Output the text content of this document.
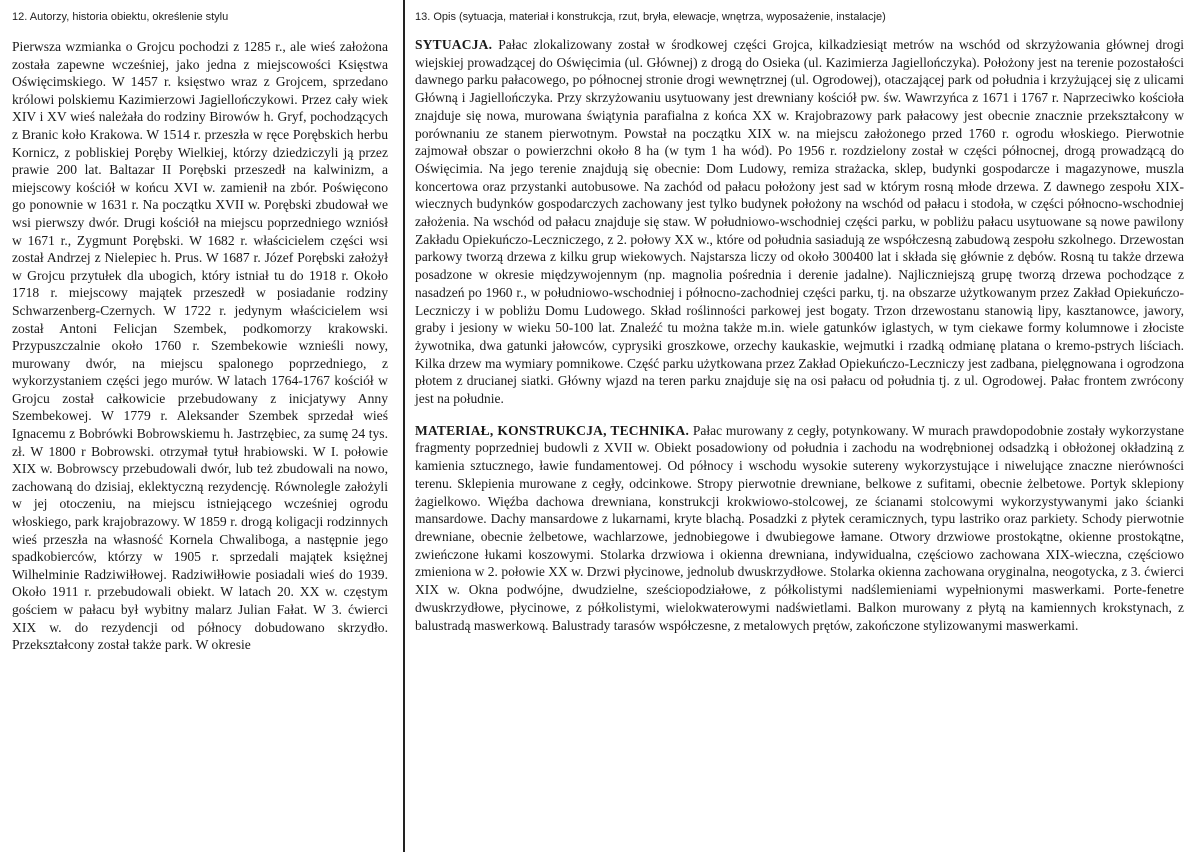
12. Autorzy, historia obiektu, określenie stylu

Pierwsza wzmianka o Grojcu pochodzi z 1285 r., ale wieś założona została zapewne wcześniej, jako jedna z miejscowości Księstwa Oświęcimskiego. W 1457 r. księstwo wraz z Grojcem, sprzedano królowi polskiemu Kazimierzowi Jagiellończykowi. Przez cały wiek XIV i XV wieś należała do rodziny Birowów h. Gryf, pochodzących z Branic koło Krakowa. W 1514 r. przeszła w ręce Porębskich herbu Kornicz, z pobliskiej Poręby Wielkiej, którzy dziedziczyli ją przez prawie 200 lat. Baltazar II Porębski przeszedł na kalwinizm, a miejscowy kościół w końcu XVI w. zamienił na zbór. Poświęcono go ponownie w 1631 r. Na początku XVII w. Porębski zbudował we wsi pierwszy dwór. Drugi kościół na miejscu poprzedniego wzniósł w 1671 r., Zygmunt Porębski. W 1682 r. właścicielem części wsi został Andrzej z Nielepiec h. Prus. W 1687 r. Józef Porębski założył w Grojcu przytułek dla ubogich, który istniał tu do 1918 r. Około 1718 r. miejscowy majątek przeszedł w posiadanie rodziny Schwarzenberg-Czernych. W 1722 r. jedynym właścicielem wsi został Antoni Felicjan Szembek, podkomorzy krakowski. Przypuszczalnie około 1760 r. Szembekowie wznieśli nowy, murowany dwór, na miejscu spalonego poprzedniego, z wykorzystaniem części jego murów. W latach 1764-1767 kościół w Grojcu został całkowicie przebudowany z inicjatywy Anny Szembekowej. W 1779 r. Aleksander Szembek sprzedał wieś Ignacemu z Bobrówki Bobrowskiemu h. Jastrzębiec, za sumę 24 tys. zł. W 1800 r Bobrowski. otrzymał tytuł hrabiowski. W I. połowie XIX w. Bobrowscy przebudowali dwór, lub też zbudowali na nowo, zachowaną do dzisiaj, eklektyczną rezydencję. Równolegle założyli w jej otoczeniu, na miejscu istniejącego wcześniej ogrodu włoskiego, park krajobrazowy. W 1859 r. drogą koligacji rodzinnych wieś przeszła na własność Kornela Chwaliboga, a następnie jego spadkobierców, którzy w 1905 r. sprzedali majątek księżnej Wilhelminie Radziwiłłowej. Radziwiłłowie posiadali wieś do 1939. Około 1911 r. przebudowali obiekt. W latach 20. XX w. częstym gościem w pałacu był wybitny malarz Julian Fałat. W 3. ćwierci XIX w. do rezydencji od północy dobudowano skrzydło. Przekształcony został także park. W okresie

13. Opis (sytuacja, materiał i konstrukcja, rzut, bryła, elewacje, wnętrza, wyposażenie, instalacje)

SYTUACJA. Pałac zlokalizowany został w środkowej części Grojca, kilkadziesiąt metrów na wschód od skrzyżowania głównej drogi wiejskiej prowadzącej do Oświęcimia (ul. Głównej) z drogą do Osieka (ul. Kazimierza Jagiellończyka). Położony jest na terenie pozostałości dawnego parku pałacowego, po północnej stronie drogi wewnętrznej (ul. Ogrodowej), otaczającej park od południa i krzyżującej się z ulicami Główną i Jagiellończyka. Przy skrzyżowaniu usytuowany jest drewniany kościół pw. św. Wawrzyńca z 1671 i 1767 r. Naprzeciwko kościoła znajduje się nowa, murowana świątynia parafialna z końca XX w. Krajobrazowy park pałacowy jest obecnie znacznie przekształcony w porównaniu ze stanem pierwotnym. Powstał na początku XIX w. na miejscu założonego przed 1760 r. ogrodu włoskiego. Pierwotnie zajmował obszar o powierzchni około 8 ha (w tym 1 ha wód). Po 1956 r. rozdzielony został w części północnej, drogą prowadzącą do Oświęcimia. Na jego terenie znajdują się obecnie: Dom Ludowy, remiza strażacka, sklep, budynki gospodarcze i magazynowe, muszla koncertowa oraz przystanki autobusowe. Na zachód od pałacu położony jest sad w którym rosną młode drzewa. Z dawnego zespołu XIX-wiecznych budynków gospodarczych zachowany jest tylko budynek położony na wschód od pałacu i stodoła, w części północno-wschodniej założenia. Na wschód od pałacu znajduje się staw. W południowo-wschodniej części parku, w pobliżu pałacu usytuowane są nowe pawilony Zakładu Opiekuńczo-Leczniczego, z 2. połowy XX w., które od południa sasiadują ze współczesną zabudową zespołu szkolnego. Drzewostan parkowy tworzą drzewa z kilku grup wiekowych. Najstarsza liczy od około 300400 lat i składa się głównie z dębów. Rosną tu także drzewa posadzone w okresie międzywojennym (np. magnolia pośrednia i derenie jadalne). Najliczniejszą grupę tworzą drzewa pochodzące z nasadzeń po 1960 r., w południowo-wschodniej i północno-zachodniej części parku, tj. na obszarze użytkowanym przez Zakład Opiekuńczo-Leczniczy i w pobliżu Domu Ludowego. Skład roślinności parkowej jest bogaty. Trzon drzewostanu stanowią lipy, kasztanowce, jawory, graby i jesiony w wieku 50-100 lat. Znaleźć tu można także m.in. wiele gatunków iglastych, w tym ciekawe formy kolumnowe i złociste żywotnika, dwa gatunki jałowców, cyprysiki groszkowe, orzechy kaukaskie, wejmutki i rzadką odmianę platana o kremo-pstrych liściach. Kilka drzew ma wymiary pomnikowe. Część parku użytkowana przez Zakład Opiekuńczo-Leczniczy jest zadbana, pielęgnowana i ogrodzona płotem z drucianej siatki. Główny wjazd na teren parku znajduje się na osi pałacu od południa tj. z ul. Ogrodowej. Pałac frontem zwrócony jest na południe.

MATERIAŁ, KONSTRUKCJA, TECHNIKA. Pałac murowany z cegły, potynkowany. W murach prawdopodobnie zostały wykorzystane fragmenty poprzedniej budowli z XVII w. Obiekt posadowiony od południa i zachodu na wodrębnionej odsadzką i obłożonej okładziną z kamienia sztucznego, ławie fundamentowej. Od północy i wschodu wysokie sutereny wykorzystujące i niwelujące znaczne nierówności terenu. Sklepienia murowane z cegły, odcinkowe. Stropy pierwotnie drewniane, belkowe z sufitami, obecnie żelbetowe. Portyk sklepiony żagielkowo. Więźba dachowa drewniana, konstrukcji krokwiowo-stolcowej, ze ścianami stolcowymi wykorzystywanymi jako ścianki mansardowe. Dachy mansardowe z lukarnami, kryte blachą. Posadzki z płytek ceramicznych, typu lastriko oraz parkiety. Schody pierwotnie drewniane, obecnie żelbetowe, wachlarzowe, jednobiegowe i dwubiegowe łamane. Otwory drzwiowe prostokątne, okienne prostokątne, zwieńczone łukami koszowymi. Stolarka drzwiowa i okienna drewniana, indywidualna, częściowo zachowana XIX-wieczna, częściowo zmieniona w 2. połowie XX w. Drzwi płycinowe, jednolub dwuskrzydłowe. Stolarka okienna zachowana oryginalna, neogotycka, z 3. ćwierci XIX w. Okna podwójne, dwudzielne, sześciopodziałowe, z półkolistymi nadślemieniami wypełnionymi maswerkami. Porte-fenetre dwuskrzydłowe, płycinowe, z półkolistymi, wielokwaterowymi nadświetlami. Balkon murowany z płytą na kamiennych krokstynach, z balustradą maswerkową. Balustrady tarasów współczesne, z metalowych prętów, zakończone stylizowanymi maswerkami.
